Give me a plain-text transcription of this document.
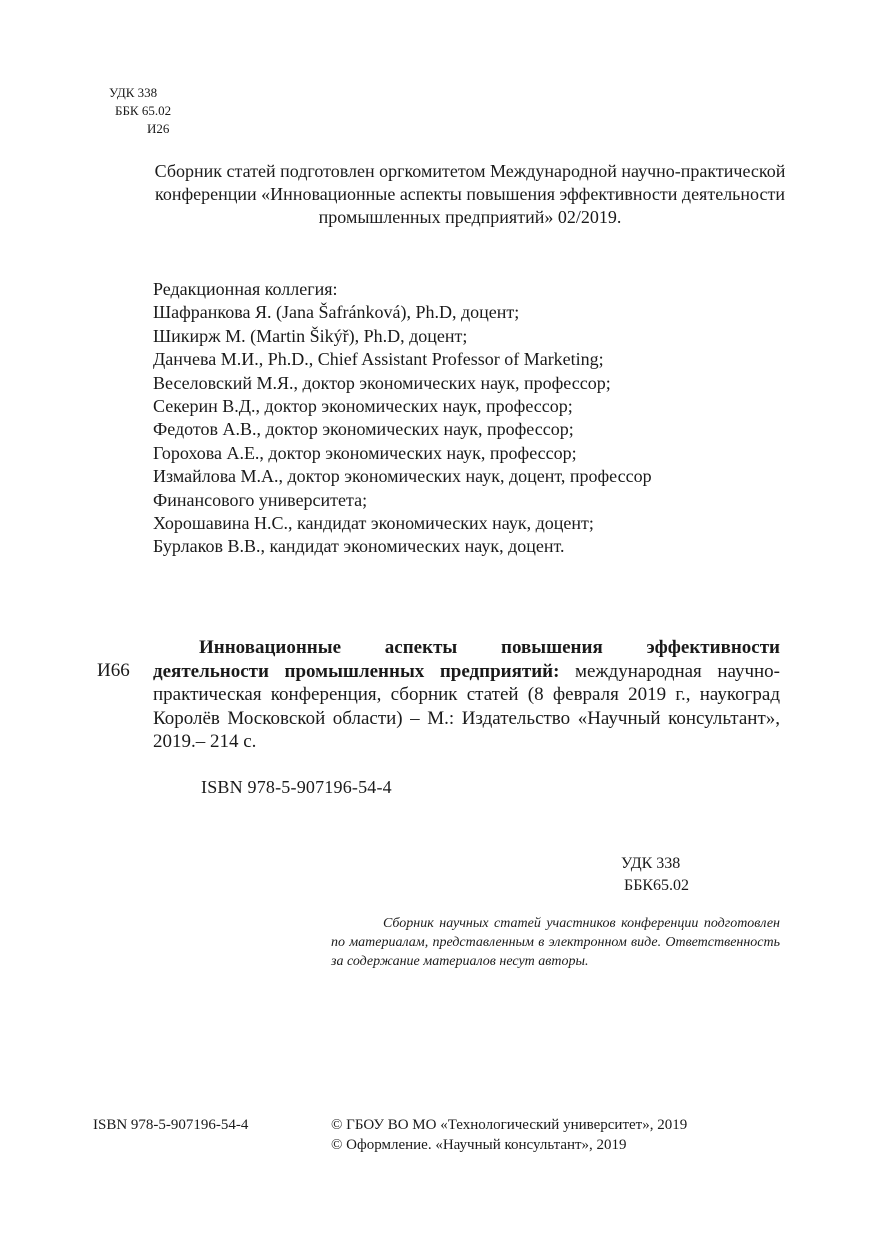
УДК 338
ББК 65.02
И26
Сборник статей подготовлен оргкомитетом Международной научно-практической конференции «Инновационные аспекты повышения эффективности деятельности промышленных предприятий» 02/2019.
Редакционная коллегия:
Шафранкова Я. (Jana Šafránková), Ph.D, доцент;
Шикирж М. (Martin Šikýř), Ph.D, доцент;
Данчева М.И., Ph.D., Chief Assistant Professor of Marketing;
Веселовский М.Я., доктор экономических наук, профессор;
Секерин В.Д., доктор экономических наук, профессор;
Федотов А.В., доктор экономических наук, профессор;
Горохова А.Е., доктор экономических наук, профессор;
Измайлова М.А., доктор экономических наук, доцент, профессор
Финансового университета;
Хорошавина Н.С., кандидат экономических наук, доцент;
Бурлаков В.В., кандидат экономических наук, доцент.
И66
Инновационные аспекты повышения эффективности деятельности промышленных предприятий: международная научно-практическая конференция, сборник статей (8 февраля 2019 г., наукоград Королёв Московской области) – М.: Издательство «Научный консультант», 2019.– 214 с.
ISBN 978-5-907196-54-4
УДК 338
ББК65.02
Сборник научных статей участников конференции подготовлен по материалам, представленным в электронном виде. Ответственность за содержание материалов несут авторы.
ISBN 978-5-907196-54-4	© ГБОУ ВО МО «Технологический университет», 2019
© Оформление. «Научный консультант», 2019
